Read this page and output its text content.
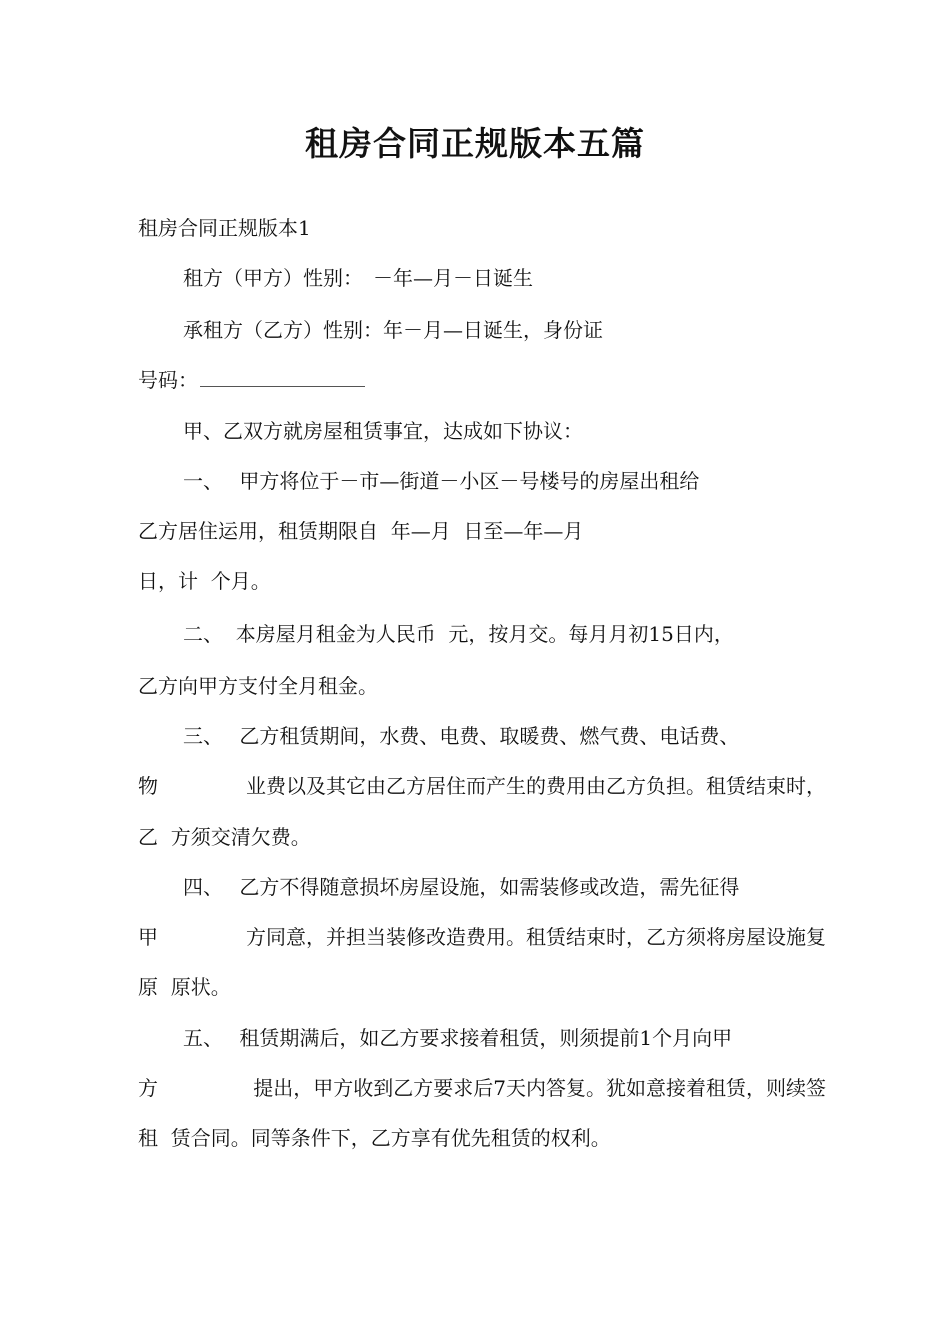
租房合同正规版本五篇
租房合同正规版本1
租方（甲方）性别：　－年—月－日诞生
承租方（乙方）性别：年－月—日诞生，身份证
号码：
甲、乙双方就房屋租赁事宜，达成如下协议：
一、　 甲方将位于－市—街道－小区－号楼号的房屋出租给
乙方居住运用，租赁期限自  年—月  日至—年—月
日，计  个月。
二、  本房屋月租金为人民币  元，按月交。每月月初15日内，
乙方向甲方支付全月租金。
三、　 乙方租赁期间，水费、电费、取暖费、燃气费、电话费、
物	业费以及其它由乙方居住而产生的费用由乙方负担。租赁结束时，
乙  方须交清欠费。
四、　 乙方不得随意损坏房屋设施，如需装修或改造，需先征得
甲	方同意，并担当装修改造费用。租赁结束时，乙方须将房屋设施复
原  原状。
五、　 租赁期满后，如乙方要求接着租赁，则须提前1个月向甲
方	提出，甲方收到乙方要求后7天内答复。犹如意接着租赁，则续签
租  赁合同。同等条件下，乙方享有优先租赁的权利。
